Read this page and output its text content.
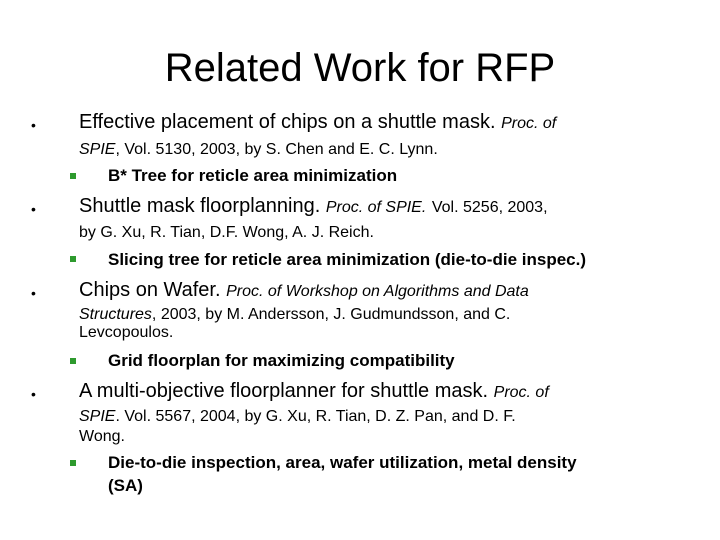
Related Work for RFP
• Effective placement of chips on a shuttle mask. Proc. of
SPIE, Vol. 5130, 2003, by S. Chen and E. C. Lynn.
B* Tree for reticle area minimization
• Shuttle mask floorplanning. Proc. of SPIE. Vol. 5256, 2003,
by G. Xu, R. Tian, D.F. Wong, A. J. Reich.
Slicing tree for reticle area minimization (die-to-die inspec.)
• Chips on Wafer. Proc. of Workshop on Algorithms and Data
Structures, 2003, by M. Andersson, J. Gudmundsson, and C.
Levcopoulos.
Grid floorplan for maximizing compatibility
• A multi-objective floorplanner for shuttle mask. Proc. of
SPIE. Vol. 5567, 2004, by G. Xu, R. Tian, D. Z. Pan, and D. F.
Wong.
Die-to-die inspection, area, wafer utilization, metal density
(SA)
